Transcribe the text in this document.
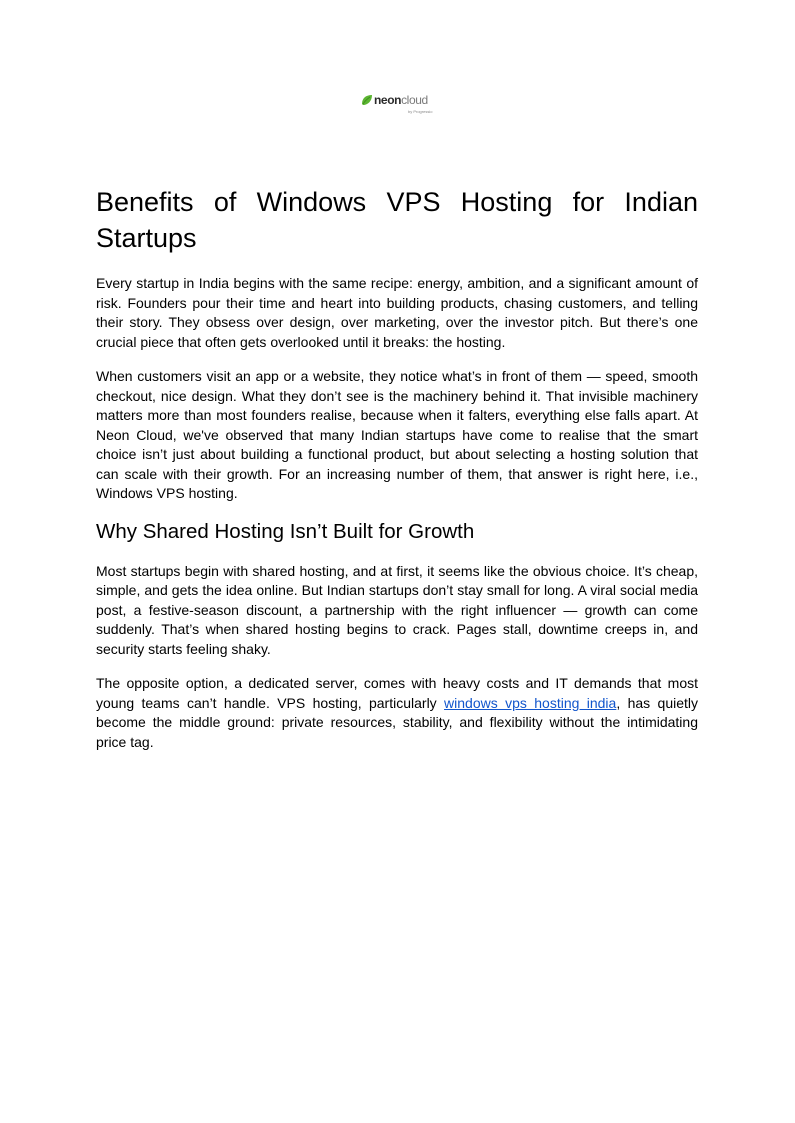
neoncloud
by Progressio
Benefits of Windows VPS Hosting for Indian Startups

Every startup in India begins with the same recipe: energy, ambition, and a significant amount of risk. Founders pour their time and heart into building products, chasing customers, and telling their story. They obsess over design, over marketing, over the investor pitch. But there’s one crucial piece that often gets overlooked until it breaks: the hosting.

When customers visit an app or a website, they notice what’s in front of them — speed, smooth checkout, nice design. What they don’t see is the machinery behind it. That invisible machinery matters more than most founders realise, because when it falters, everything else falls apart. At Neon Cloud, we've observed that many Indian startups have come to realise that the smart choice isn’t just about building a functional product, but about selecting a hosting solution that can scale with their growth. For an increasing number of them, that answer is right here, i.e., Windows VPS hosting.

Why Shared Hosting Isn’t Built for Growth

Most startups begin with shared hosting, and at first, it seems like the obvious choice. It’s cheap, simple, and gets the idea online. But Indian startups don’t stay small for long. A viral social media post, a festive-season discount, a partnership with the right influencer — growth can come suddenly. That’s when shared hosting begins to crack. Pages stall, downtime creeps in, and security starts feeling shaky.

The opposite option, a dedicated server, comes with heavy costs and IT demands that most young teams can’t handle. VPS hosting, particularly windows vps hosting india, has quietly become the middle ground: private resources, stability, and flexibility without the intimidating price tag.
